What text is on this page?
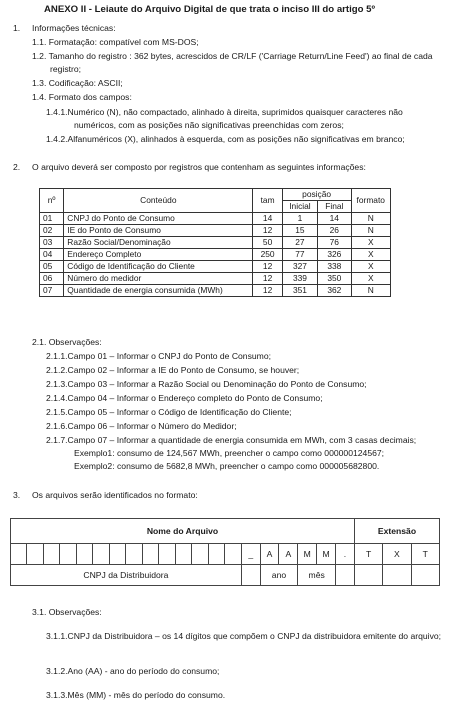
ANEXO II - Leiaute do Arquivo Digital de que trata o inciso III do artigo 5º
1. Informações técnicas:
1.1. Formatação: compatível com MS-DOS;
1.2. Tamanho do registro : 362 bytes, acrescidos de CR/LF ('Carriage Return/Line Feed') ao final de cada
registro;
1.3. Codificação: ASCII;
1.4. Formato dos campos:
1.4.1.Numérico (N), não compactado, alinhado à direita, suprimidos quaisquer caracteres não
numéricos, com as posições não significativas preenchidas com zeros;
1.4.2.Alfanuméricos (X), alinhados à esquerda, com as posições não significativas em branco;
2. O arquivo deverá ser composto por registros que contenham as seguintes informações:
nº	Conteúdo	tam	posição		formato
			Inicial	Final	
01	CNPJ do Ponto de Consumo	14	1	14	N
02	IE do Ponto de Consumo	12	15	26	N
03	Razão Social/Denominação	50	27	76	X
04	Endereço Completo	250	77	326	X
05	Código de Identificação do Cliente	12	327	338	X
06	Número do medidor	12	339	350	X
07	Quantidade de energia consumida (MWh)	12	351	362	N
2.1. Observações:
2.1.1.Campo 01 – Informar o CNPJ do Ponto de Consumo;
2.1.2.Campo 02 – Informar a IE do Ponto de Consumo, se houver;
2.1.3.Campo 03 – Informar a Razão Social ou Denominação do Ponto de Consumo;
2.1.4.Campo 04 – Informar o Endereço completo do Ponto de Consumo;
2.1.5.Campo 05 – Informar o Código de Identificação do Cliente;
2.1.6.Campo 06 – Informar o Número do Medidor;
2.1.7.Campo 07 – Informar a quantidade de energia consumida em MWh, com 3 casas decimais;
Exemplo1: consumo de 124,567 MWh, preencher o campo como 000000124567;
Exemplo2: consumo de 5682,8 MWh, preencher o campo como 000005682800.
3. Os arquivos serão identificados no formato:
Nome do Arquivo																				Extensão		
														_	A	A	M	M	.	T	X	T
CNPJ da Distribuidora															ano		mês					
3.1. Observações:
3.1.1.CNPJ da Distribuidora – os 14 dígitos que compõem o CNPJ da distribuidora emitente do arquivo;
3.1.2.Ano (AA) - ano do período do consumo;
3.1.3.Mês (MM) - mês do período do consumo.
